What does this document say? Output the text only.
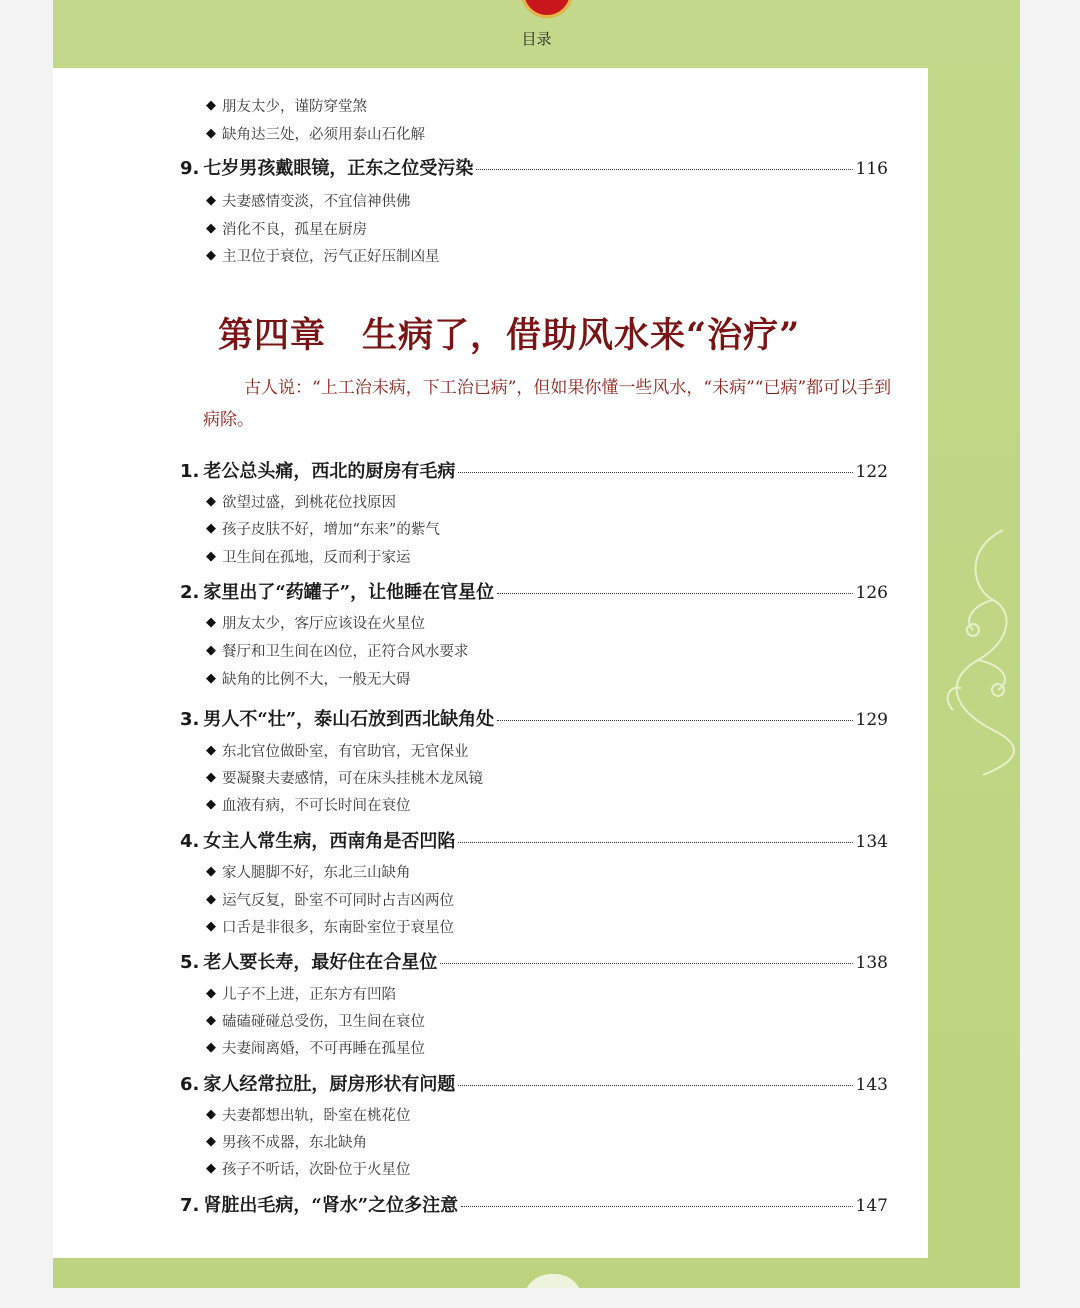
目录
◆ 朋友太少，谨防穿堂煞
◆ 缺角达三处，必须用泰山石化解
9. 七岁男孩戴眼镜，正东之位受污染	116
◆ 夫妻感情变淡，不宜信神供佛
◆ 消化不良，孤星在厨房
◆ 主卫位于衰位，污气正好压制凶星
第四章　生病了，借助风水来“治疗”
古人说：“上工治未病，下工治已病”，但如果你懂一些风水，“未病”“已病”都可以手到病除。
1. 老公总头痛，西北的厨房有毛病	122
◆ 欲望过盛，到桃花位找原因
◆ 孩子皮肤不好，增加“东来”的紫气
◆ 卫生间在孤地，反而利于家运
2. 家里出了“药罐子”，让他睡在官星位	126
◆ 朋友太少，客厅应该设在火星位
◆ 餐厅和卫生间在凶位，正符合风水要求
◆ 缺角的比例不大，一般无大碍
3. 男人不“壮”，泰山石放到西北缺角处	129
◆ 东北官位做卧室，有官助官，无官保业
◆ 要凝聚夫妻感情，可在床头挂桃木龙凤镜
◆ 血液有病，不可长时间在衰位
4. 女主人常生病，西南角是否凹陷	134
◆ 家人腿脚不好，东北三山缺角
◆ 运气反复，卧室不可同时占吉凶两位
◆ 口舌是非很多，东南卧室位于衰星位
5. 老人要长寿，最好住在合星位	138
◆ 儿子不上进，正东方有凹陷
◆ 磕磕碰碰总受伤，卫生间在衰位
◆ 夫妻闹离婚，不可再睡在孤星位
6. 家人经常拉肚，厨房形状有问题	143
◆ 夫妻都想出轨，卧室在桃花位
◆ 男孩不成器，东北缺角
◆ 孩子不听话，次卧位于火星位
7. 肾脏出毛病，“肾水”之位多注意	147
